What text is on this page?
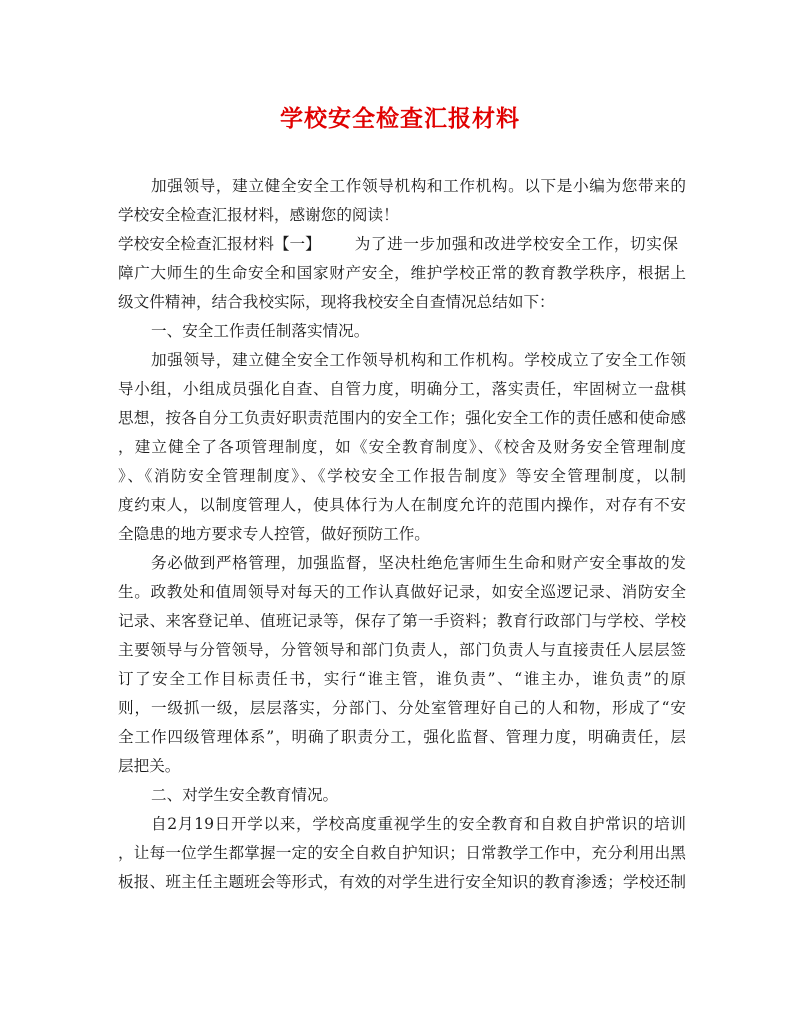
学校安全检查汇报材料
加强领导，建立健全安全工作领导机构和工作机构。以下是小编为您带来的
学校安全检查汇报材料，感谢您的阅读！
学校安全检查汇报材料【一】 为了进一步加强和改进学校安全工作，切实保
障广大师生的生命安全和国家财产安全，维护学校正常的教育教学秩序，根据上
级文件精神，结合我校实际，现将我校安全自查情况总结如下：
一、安全工作责任制落实情况。
加强领导，建立健全安全工作领导机构和工作机构。学校成立了安全工作领
导小组，小组成员强化自查、自管力度，明确分工，落实责任，牢固树立一盘棋
思想，按各自分工负责好职责范围内的安全工作；强化安全工作的责任感和使命感
，建立健全了各项管理制度，如《安全教育制度》、《校舍及财务安全管理制度
》、《消防安全管理制度》、《学校安全工作报告制度》等安全管理制度，以制
度约束人，以制度管理人，使具体行为人在制度允许的范围内操作，对存有不安
全隐患的地方要求专人控管，做好预防工作。
务必做到严格管理，加强监督，坚决杜绝危害师生生命和财产安全事故的发
生。政教处和值周领导对每天的工作认真做好记录，如安全巡逻记录、消防安全
记录、来客登记单、值班记录等，保存了第一手资料；教育行政部门与学校、学校
主要领导与分管领导，分管领导和部门负责人，部门负责人与直接责任人层层签
订了安全工作目标责任书，实行“谁主管，谁负责”、“谁主办，谁负责”的原
则，一级抓一级，层层落实，分部门、分处室管理好自己的人和物，形成了“安
全工作四级管理体系”，明确了职责分工，强化监督、管理力度，明确责任，层
层把关。
二、对学生安全教育情况。
自2月19日开学以来，学校高度重视学生的安全教育和自救自护常识的培训
，让每一位学生都掌握一定的安全自救自护知识；日常教学工作中，充分利用出黑
板报、班主任主题班会等形式，有效的对学生进行安全知识的教育渗透；学校还制
